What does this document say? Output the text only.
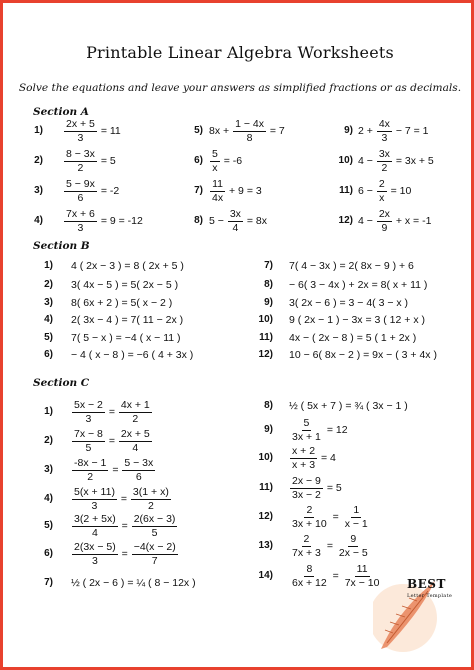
Printable Linear Algebra Worksheets
Solve the equations and leave your answers as simplified fractions or as decimals.
Section A
Section B
Section C
$1) \frac{2x + 5}{3} = 11$
$2) \frac{8 - 3x}{2} = 5$
$3) \frac{5 - 9x}{6} = -2$
$4) \frac{7x + 6}{3} = 9 = -12$
5) $8x + \frac{1 - 4x}{8} = 7$
$6) \frac{5}{x} = -6$
$7) \frac{11}{4x} + 9 = 3$
8) $5 - \frac{3x}{4} = 8x$
9) $2 + \frac{4x}{3} - 7 = 1$
10) $4 - \frac{3x}{2} = 3x + 5$
11) $6 - \frac{2}{x} = 10$
12) $4 - \frac{2x}{9} + x = -1$
1) 4 ( 2x − 3 ) = 8 ( 2x + 5 )
2) 3( 4x − 5 ) = 5( 2x − 5 )
3) 8( 6x + 2 ) = 5( x − 2 )
4) 2( 3x − 4 ) = 7( 11 − 2x )
5) 7( 5 − x ) = −4 ( x − 11 )
6) − 4 ( x − 8 ) = −6 ( 4 + 3x )
7) 7( 4 − 3x ) = 2( 8x − 9 ) + 6
8) − 6( 3 − 4x ) + 2x = 8( x + 11 )
9) 3( 2x − 6 ) = 3 − 4( 3 − x )
10) 9 ( 2x − 1 ) − 3x = 3 ( 12 + x )
11) 4x − ( 2x − 8 ) = 5 ( 1 + 2x )
12) 10 − 6( 8x − 2 ) = 9x − ( 3 + 4x )
$1) \frac{5x - 2}{3} = \frac{4x + 1}{2}$
$2) \frac{7x - 8}{5} = \frac{2x + 5}{4}$
$3) \frac{-8x - 1}{2} = \frac{5 - 3x}{6}$
$4) \frac{5(x + 11)}{3} = \frac{3(1 + x)}{2}$
$5) \frac{3(2 + 5x)}{4} = \frac{2(6x - 3)}{5}$
$6) \frac{2(3x - 5)}{3} = \frac{-4(x - 2)}{7}$
7) ½ ( 2x − 6 ) = ¼ ( 8 − 12x )
8) ½ ( 5x + 7 ) = ¾ ( 3x − 1 )
$9) \frac{5}{3x + 1} = 12$
$10) \frac{x + 2}{x + 3} = 4$
$11) \frac{2x - 9}{3x - 2} = 5$
$12) \frac{2}{3x + 10} = \frac{1}{x - 1}$
$13) \frac{2}{7x + 3} = \frac{9}{2x - 5}$
$14) \frac{8}{6x + 12} = \frac{11}{7x - 10}$ BEST
Letter Template
